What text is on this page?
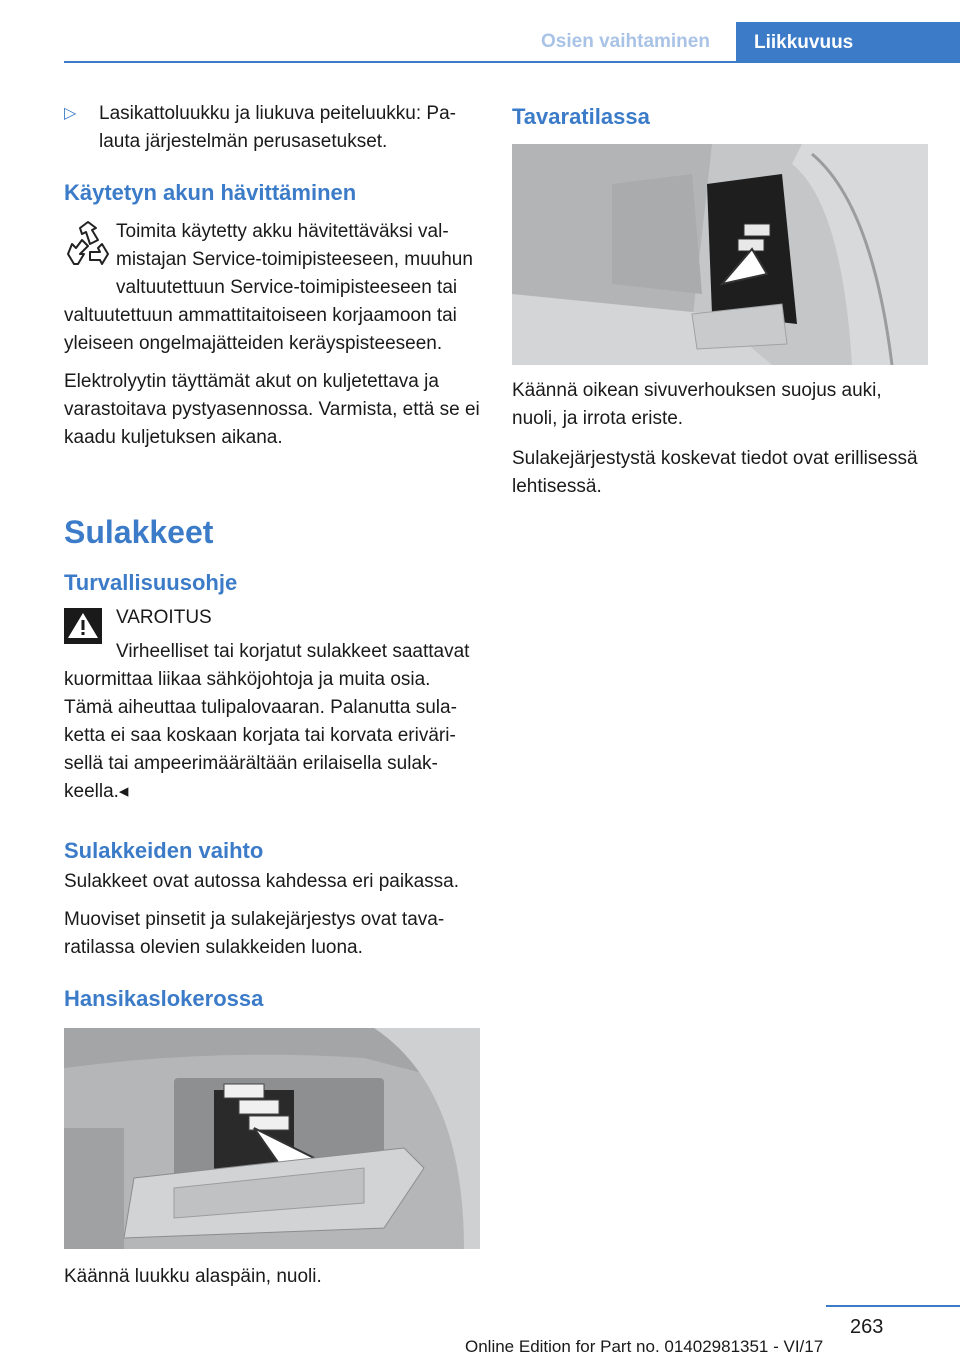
Osien vaihtaminen	Liikkuvuus

▷ Lasikattoluukku ja liukuva peiteluukku: Palauta järjestelmän perusasetukset.

Käytetyn akun hävittäminen

Toimita käytetty akku hävitettäväksi valmistajan Service-toimipisteeseen, muuhun valtuutettuun Service-toimipisteeseen tai valtuutettuun ammattitaitoiseen korjaamoon tai yleiseen ongelmajätteiden keräyspisteeseen.

Elektrolyytin täyttämät akut on kuljetettava ja varastoitava pystyasennossa. Varmista, että se ei kaadu kuljetuksen aikana.

Sulakkeet
Turvallisuusohje

VAROITUS

Virheelliset tai korjatut sulakkeet saattavat kuormittaa liikaa sähköjohtoja ja muita osia. Tämä aiheuttaa tulipalovaaran. Palanutta sulaketta ei saa koskaan korjata tai korvata erivärisellä tai ampeerimäärältään erilaisella sulakkeella.◂

Sulakkeiden vaihto

Sulakkeet ovat autossa kahdessa eri paikassa.

Muoviset pinsetit ja sulakejärjestys ovat tavaratilassa olevien sulakkeiden luona.

Hansikaslokerossa

Käännä luukku alaspäin, nuoli.

Tavaratilassa

Käännä oikean sivuverhouksen suojus auki, nuoli, ja irrota eriste.

Sulakejärjestystä koskevat tiedot ovat erillisessä lehtisessä.

263
Online Edition for Part no. 01402981351 - VI/17
